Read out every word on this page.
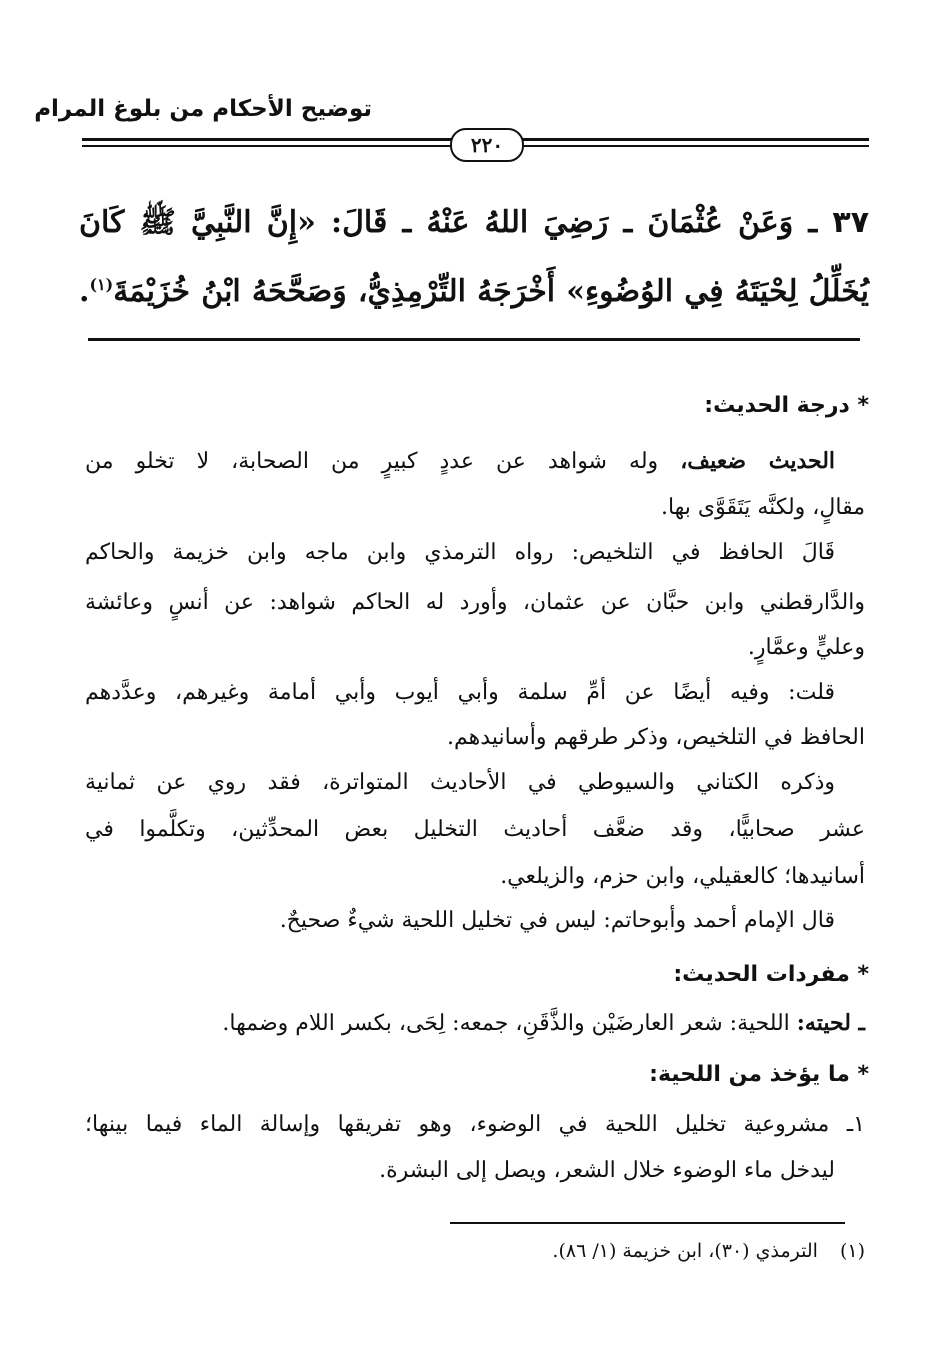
توضيح الأحكام من بلوغ المرام
٢٢٠
٣٧ ـ وَعَنْ عُثْمَانَ ـ رَضِيَ اللهُ عَنْهُ ـ قَالَ: «إِنَّ النَّبِيَّ ﷺ كَانَ
يُخَلِّلُ لِحْيَتَهُ فِي الوُضُوءِ» أَخْرَجَهُ التِّرْمِذِيُّ، وَصَحَّحَهُ ابْنُ خُزَيْمَةَ$^{(١)}$.
* درجة الحديث:
الحديث ضعيف، وله شواهد عن عددٍ كبيرٍ من الصحابة، لا تخلو من
مقالٍ، ولكنَّه يَتَقَوَّى بها.
قَالَ الحافظ في التلخيص: رواه الترمذي وابن ماجه وابن خزيمة والحاكم
والدَّارقطني وابن حبَّان عن عثمان، وأورد له الحاكم شواهد: عن أنسٍ وعائشة
وعليٍّ وعمَّارٍ.
قلت: وفيه أيضًا عن أمِّ سلمة وأبي أيوب وأبي أمامة وغيرهم، وعدَّدهم
الحافظ في التلخيص، وذكر طرقهم وأسانيدهم.
وذكره الكتاني والسيوطي في الأحاديث المتواترة، فقد روي عن ثمانية
عشر صحابيًّا، وقد ضعَّف أحاديث التخليل بعض المحدِّثين، وتكلَّموا في
أسانيدها؛ كالعقيلي، وابن حزم، والزيلعي.
قال الإمام أحمد وأبوحاتم: ليس في تخليل اللحية شيءٌ صحيحٌ.
* مفردات الحديث:
ـ لحيته: اللحية: شعر العارضَيْن والذَّقَنِ، جمعه: لِحَى، بكسر اللام وضمها.
* ما يؤخذ من اللحية:
١ـ مشروعية تخليل اللحية في الوضوء، وهو تفريقها وإسالة الماء فيما بينها؛
ليدخل ماء الوضوء خلال الشعر، ويصل إلى البشرة.
(١)الترمذي (٣٠)، ابن خزيمة (١/ ٨٦).
